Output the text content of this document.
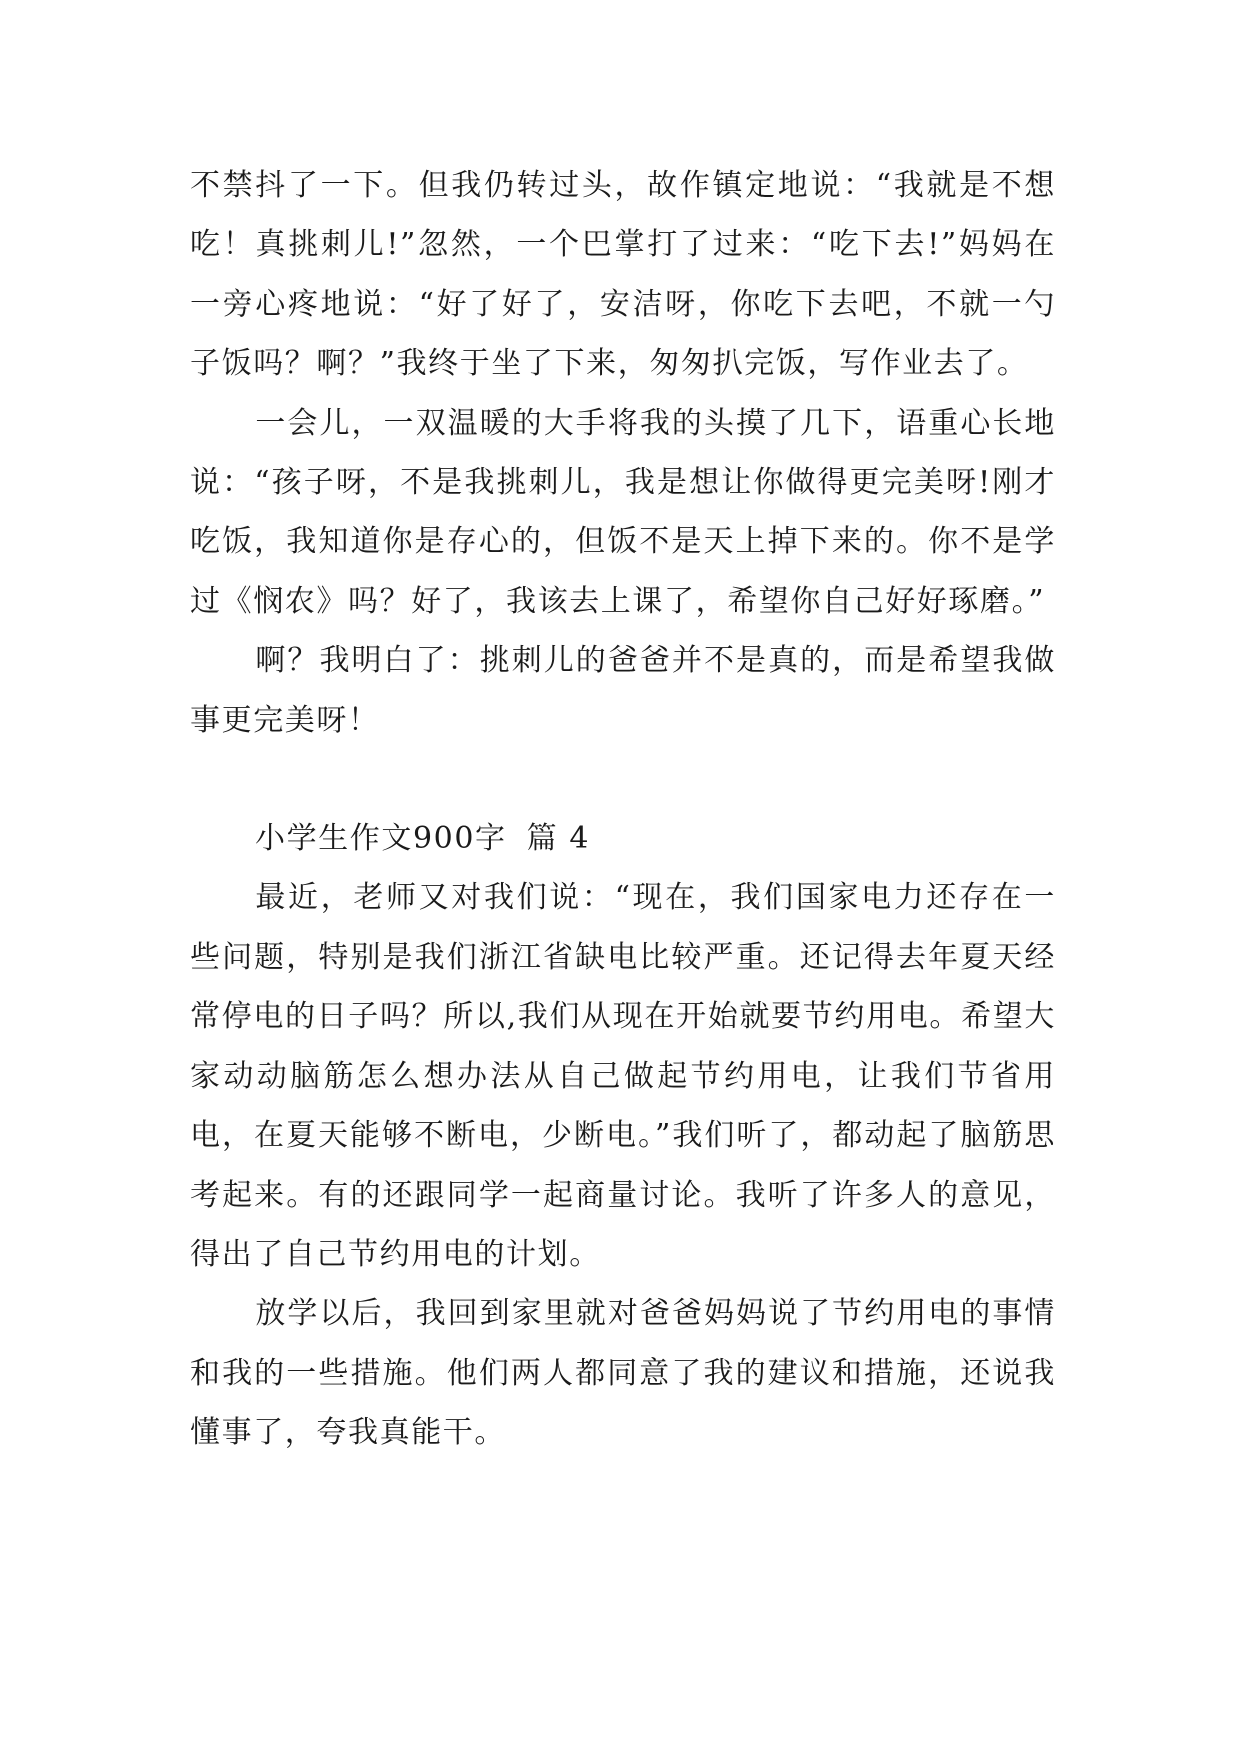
不禁抖了一下。但我仍转过头，故作镇定地说：“我就是不想吃！真挑刺儿!”忽然，一个巴掌打了过来：“吃下去!”妈妈在一旁心疼地说：“好了好了，安洁呀，你吃下去吧，不就一勺子饭吗？啊？”我终于坐了下来，匆匆扒完饭，写作业去了。

一会儿，一双温暖的大手将我的头摸了几下，语重心长地说：“孩子呀，不是我挑刺儿，我是想让你做得更完美呀!刚才吃饭，我知道你是存心的，但饭不是天上掉下来的。你不是学过《悯农》吗？好了，我该去上课了，希望你自己好好琢磨。”

啊？我明白了：挑刺儿的爸爸并不是真的，而是希望我做事更完美呀！

小学生作文900字 篇 4

最近，老师又对我们说：“现在，我们国家电力还存在一些问题，特别是我们浙江省缺电比较严重。还记得去年夏天经常停电的日子吗？所以,我们从现在开始就要节约用电。希望大家动动脑筋怎么想办法从自己做起节约用电，让我们节省用电，在夏天能够不断电，少断电。”我们听了，都动起了脑筋思考起来。有的还跟同学一起商量讨论。我听了许多人的意见，得出了自己节约用电的计划。

放学以后，我回到家里就对爸爸妈妈说了节约用电的事情和我的一些措施。他们两人都同意了我的建议和措施，还说我懂事了，夸我真能干。
